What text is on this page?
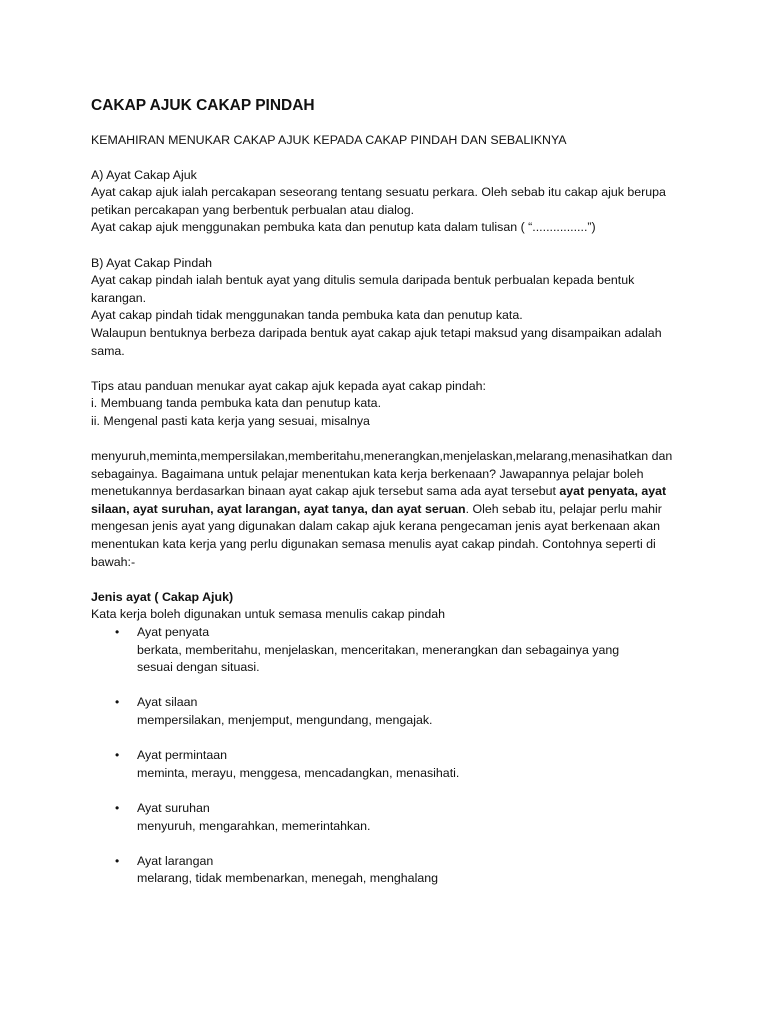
CAKAP AJUK CAKAP PINDAH
KEMAHIRAN MENUKAR CAKAP AJUK KEPADA CAKAP PINDAH DAN SEBALIKNYA

A) Ayat Cakap Ajuk

Ayat cakap ajuk ialah percakapan seseorang tentang sesuatu perkara. Oleh sebab itu cakap ajuk berupa petikan percakapan yang berbentuk perbualan atau dialog.

Ayat cakap ajuk menggunakan pembuka kata dan penutup kata dalam tulisan ( “................”)

B) Ayat Cakap Pindah

Ayat cakap pindah ialah bentuk ayat yang ditulis semula daripada bentuk perbualan kepada bentuk karangan.

Ayat cakap pindah tidak menggunakan tanda pembuka kata dan penutup kata.

Walaupun bentuknya berbeza daripada bentuk ayat cakap ajuk tetapi maksud yang disampaikan adalah sama.

Tips atau panduan menukar ayat cakap ajuk kepada ayat cakap pindah:

i. Membuang tanda pembuka kata dan penutup kata.

ii. Mengenal pasti kata kerja yang sesuai, misalnya

menyuruh,meminta,mempersilakan,memberitahu,menerangkan,menjelaskan,melarang,menasihatkan dan sebagainya. Bagaimana untuk pelajar menentukan kata kerja berkenaan? Jawapannya pelajar boleh menetukannya berdasarkan binaan ayat cakap ajuk tersebut sama ada ayat tersebut ayat penyata, ayat silaan, ayat suruhan, ayat larangan, ayat tanya, dan ayat seruan. Oleh sebab itu, pelajar perlu mahir mengesan jenis ayat yang digunakan dalam cakap ajuk kerana pengecaman jenis ayat berkenaan akan menentukan kata kerja yang perlu digunakan semasa menulis ayat cakap pindah. Contohnya seperti di bawah:-

Jenis ayat ( Cakap Ajuk)

Kata kerja boleh digunakan untuk semasa menulis cakap pindah

• Ayat penyata
berkata, memberitahu, menjelaskan, menceritakan, menerangkan dan sebagainya yang sesuai dengan situasi.
• Ayat silaan
mempersilakan, menjemput, mengundang, mengajak.
• Ayat permintaan
meminta, merayu, menggesa, mencadangkan, menasihati.
• Ayat suruhan
menyuruh, mengarahkan, memerintahkan.
• Ayat larangan
melarang, tidak membenarkan, menegah, menghalang
